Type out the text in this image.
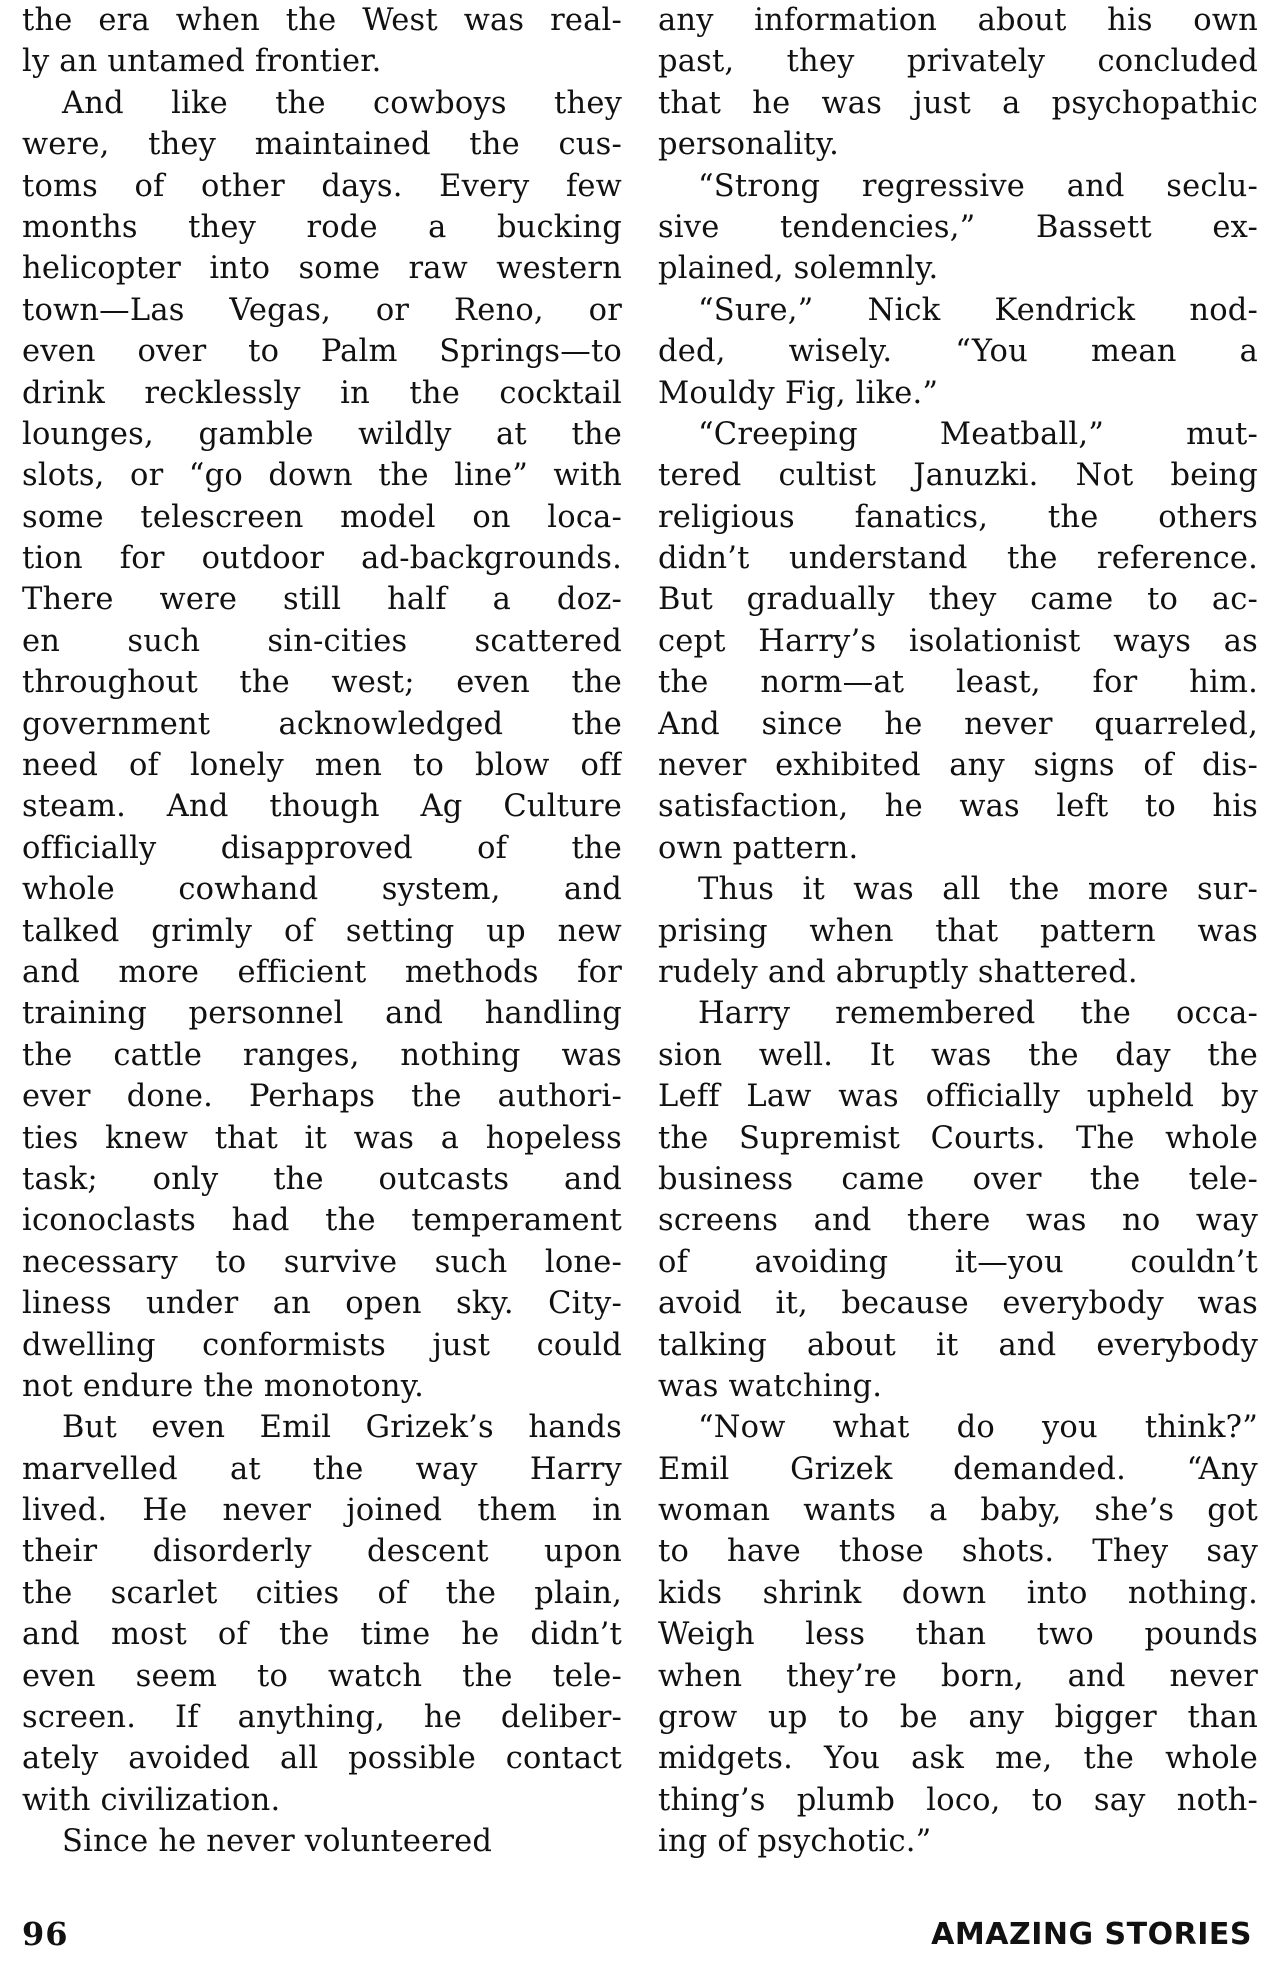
the era when the West was real-
ly an untamed frontier.

And like the cowboys they
were, they maintained the cus-
toms of other days. Every few
months they rode a bucking
helicopter into some raw western
town—Las Vegas, or Reno, or
even over to Palm Springs—to
drink recklessly in the cocktail
lounges, gamble wildly at the
slots, or “go down the line” with
some telescreen model on loca-
tion for outdoor ad-backgrounds.
There were still half a doz-
en such sin-cities scattered
throughout the west; even the
government acknowledged the
need of lonely men to blow off
steam. And though Ag Culture
officially disapproved of the
whole cowhand system, and
talked grimly of setting up new
and more efficient methods for
training personnel and handling
the cattle ranges, nothing was
ever done. Perhaps the authori-
ties knew that it was a hopeless
task; only the outcasts and
iconoclasts had the temperament
necessary to survive such lone-
liness under an open sky. City-
dwelling conformists just could
not endure the monotony.

But even Emil Grizek’s hands
marvelled at the way Harry
lived. He never joined them in
their disorderly descent upon
the scarlet cities of the plain,
and most of the time he didn’t
even seem to watch the tele-
screen. If anything, he deliber-
ately avoided all possible contact
with civilization.

Since he never volunteered

any information about his own
past, they privately concluded
that he was just a psychopathic
personality.

“Strong regressive and seclu-
sive tendencies,” Bassett ex-
plained, solemnly.

“Sure,” Nick Kendrick nod-
ded, wisely. “You mean a
Mouldy Fig, like.”

“Creeping Meatball,” mut-
tered cultist Januzki. Not being
religious fanatics, the others
didn’t understand the reference.
But gradually they came to ac-
cept Harry’s isolationist ways as
the norm—at least, for him.
And since he never quarreled,
never exhibited any signs of dis-
satisfaction, he was left to his
own pattern.

Thus it was all the more sur-
prising when that pattern was
rudely and abruptly shattered.

Harry remembered the occa-
sion well. It was the day the
Leff Law was officially upheld by
the Supremist Courts. The whole
business came over the tele-
screens and there was no way
of avoiding it—you couldn’t
avoid it, because everybody was
talking about it and everybody
was watching.

“Now what do you think?”
Emil Grizek demanded. “Any
woman wants a baby, she’s got
to have those shots. They say
kids shrink down into nothing.
Weigh less than two pounds
when they’re born, and never
grow up to be any bigger than
midgets. You ask me, the whole
thing’s plumb loco, to say noth-
ing of psychotic.”

96	AMAZING STORIES
